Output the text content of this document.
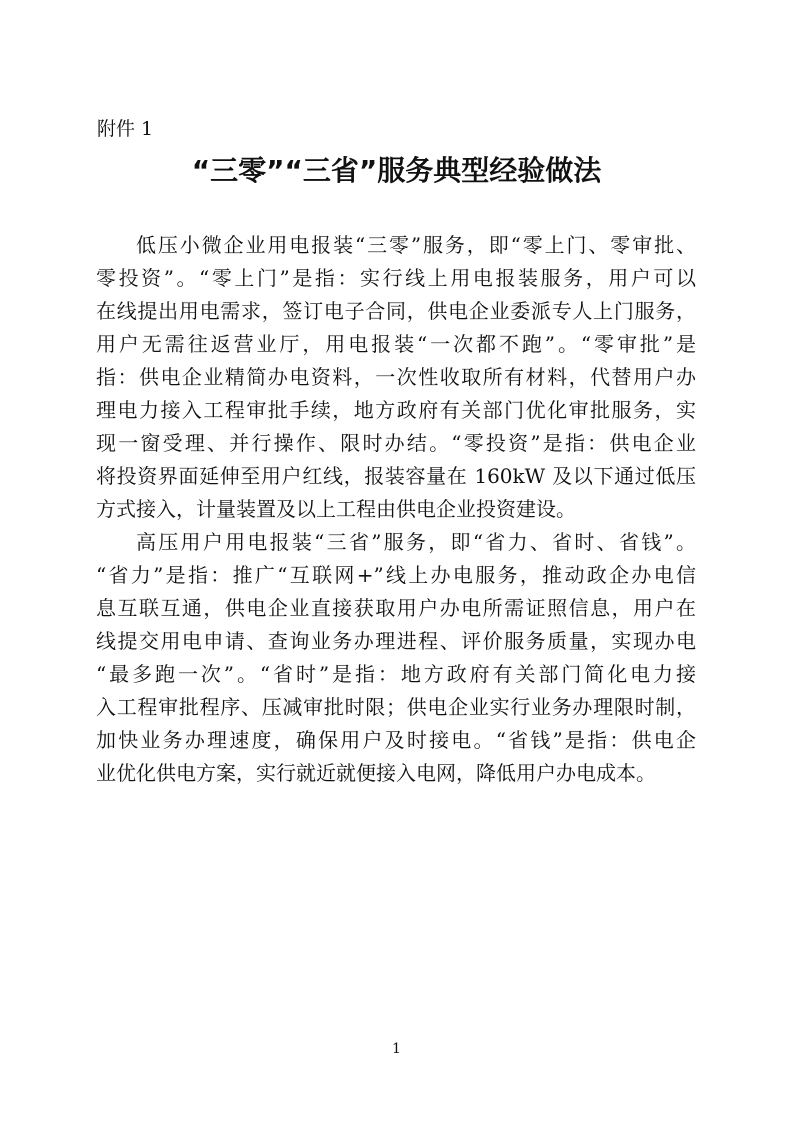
附件 1
“三零”“三省”服务典型经验做法
低压小微企业用电报装“三零”服务，即“零上门、零审批、
零投资”。“零上门”是指：实行线上用电报装服务，用户可以
在线提出用电需求，签订电子合同，供电企业委派专人上门服务，
用户无需往返营业厅，用电报装“一次都不跑”。“零审批”是
指：供电企业精简办电资料，一次性收取所有材料，代替用户办
理电力接入工程审批手续，地方政府有关部门优化审批服务，实
现一窗受理、并行操作、限时办结。“零投资”是指：供电企业
将投资界面延伸至用户红线，报装容量在 160kW 及以下通过低压
方式接入，计量装置及以上工程由供电企业投资建设。
高压用户用电报装“三省”服务，即“省力、省时、省钱”。
“省力”是指：推广“互联网+”线上办电服务，推动政企办电信
息互联互通，供电企业直接获取用户办电所需证照信息，用户在
线提交用电申请、查询业务办理进程、评价服务质量，实现办电
“最多跑一次”。“省时”是指：地方政府有关部门简化电力接
入工程审批程序、压减审批时限；供电企业实行业务办理限时制，
加快业务办理速度，确保用户及时接电。“省钱”是指：供电企
业优化供电方案，实行就近就便接入电网，降低用户办电成本。
1
